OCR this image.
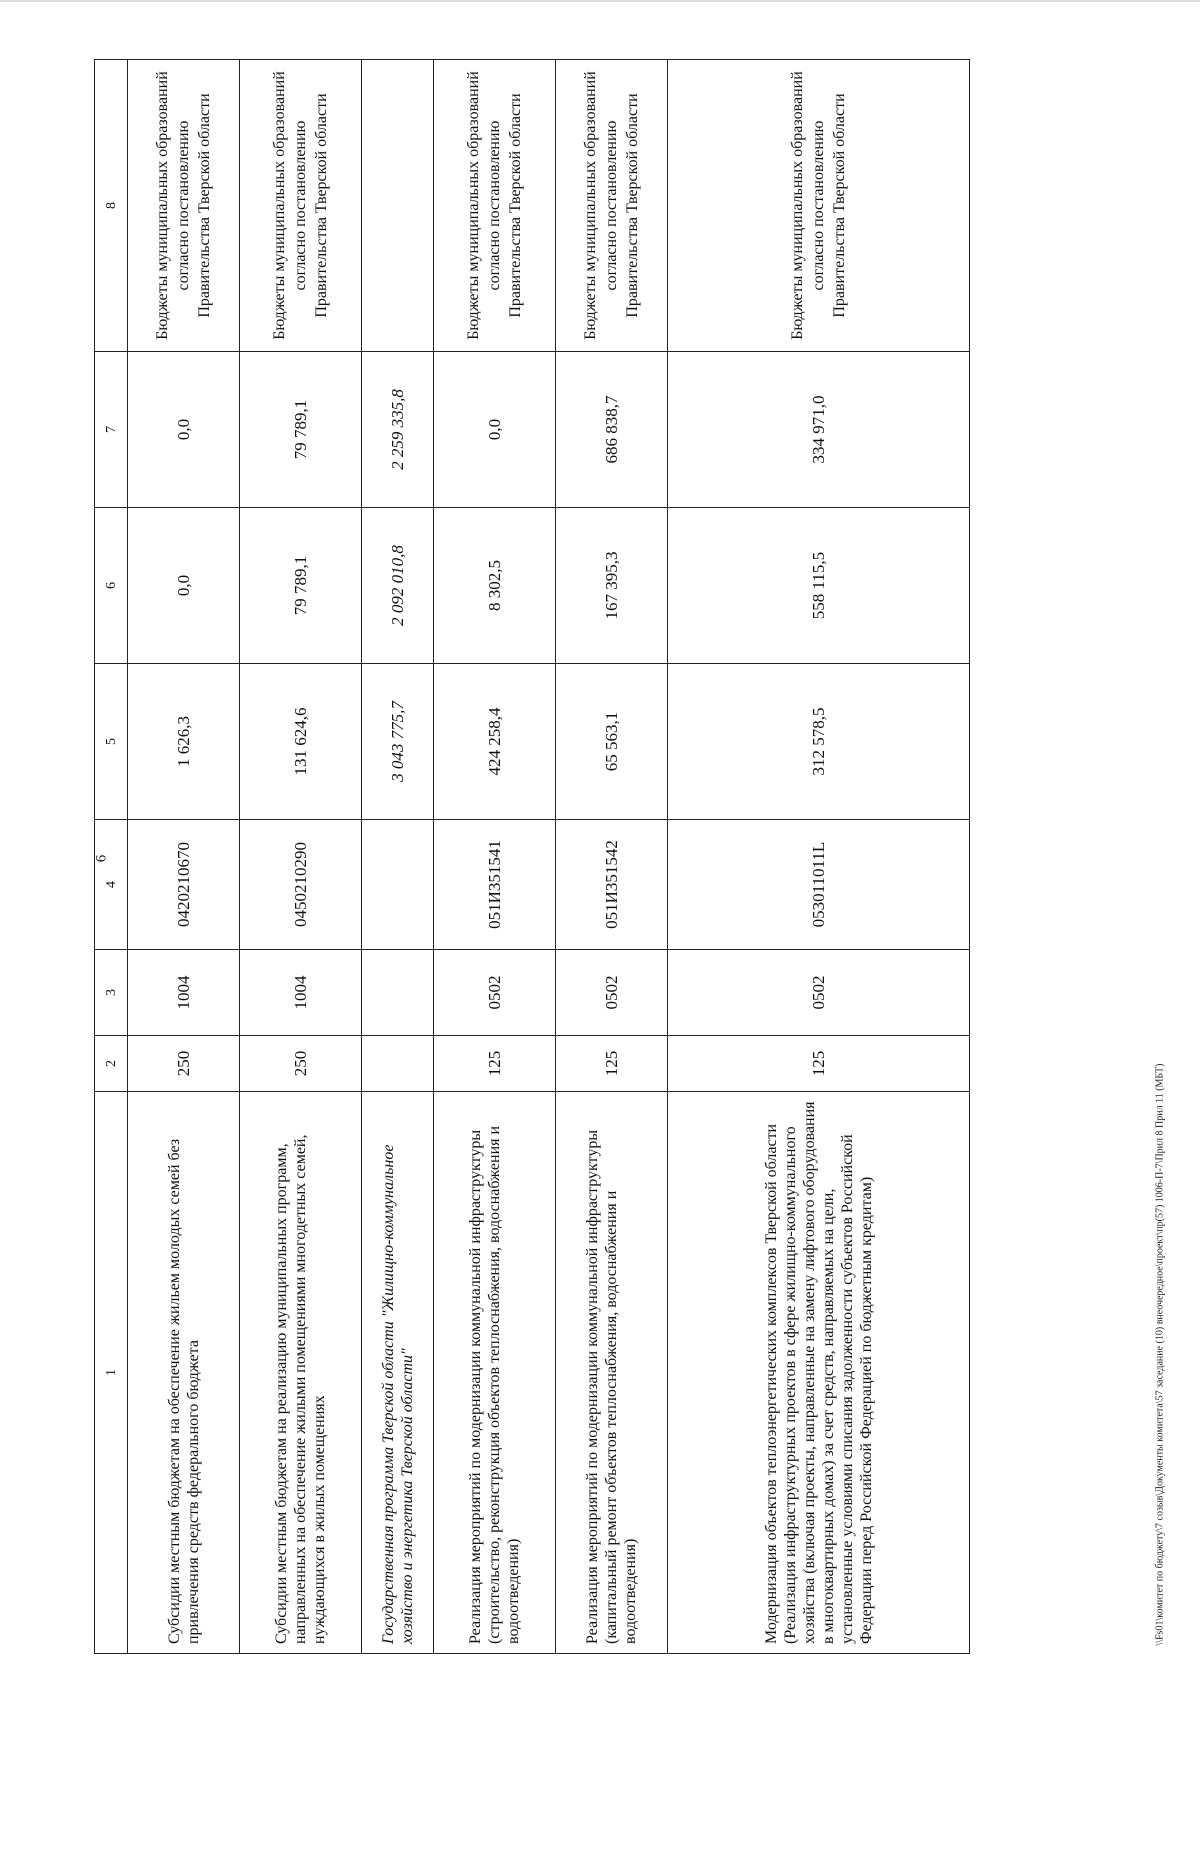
6
1	2	3	4	5	6	7	8
Субсидии местным бюджетам на обеспечение жильем молодых семей без привлечения средств федерального бюджета	250	1004	0420210670	1 626,3	0,0	0,0	Бюджеты муниципальных образований согласно постановлению Правительства Тверской области
Субсидии местным бюджетам на реализацию муниципальных программ, направленных на обеспечение жилыми помещениями многодетных семей, нуждающихся в жилых помещениях	250	1004	0450210290	131 624,6	79 789,1	79 789,1	Бюджеты муниципальных образований согласно постановлению Правительства Тверской области
Государственная программа Тверской области "Жилищно-коммунальное хозяйство и энергетика Тверской области"				3 043 775,7	2 092 010,8	2 259 335,8	
Реализация мероприятий по модернизации коммунальной инфраструктуры (строительство, реконструкция объектов теплоснабжения, водоснабжения и водоотведения)	125	0502	051И351541	424 258,4	8 302,5	0,0	Бюджеты муниципальных образований согласно постановлению Правительства Тверской области
Реализация мероприятий по модернизации коммунальной инфраструктуры (капитальный ремонт объектов теплоснабжения, водоснабжения и водоотведения)	125	0502	051И351542	65 563,1	167 395,3	686 838,7	Бюджеты муниципальных образований согласно постановлению Правительства Тверской области
Модернизация объектов теплоэнергетических комплексов Тверской области (Реализация инфраструктурных проектов в сфере жилищно-коммунального хозяйства (включая проекты, направленные на замену лифтового оборудования в многоквартирных домах) за счет средств, направляемых на цели, установленные условиями списания задолженности субъектов Российской Федерации перед Российской Федерацией по бюджетным кредитам)	125	0502	053011011L	312 578,5	558 115,5	334 971,0	Бюджеты муниципальных образований согласно постановлению Правительства Тверской области
\\Fs01\комитет по бюджету\7 созыв\Документы комитета\57 заседание (10) внеочередное\проект\пр(57) 1006-П-7\Прил 8 Прил 11 (МБТ)
